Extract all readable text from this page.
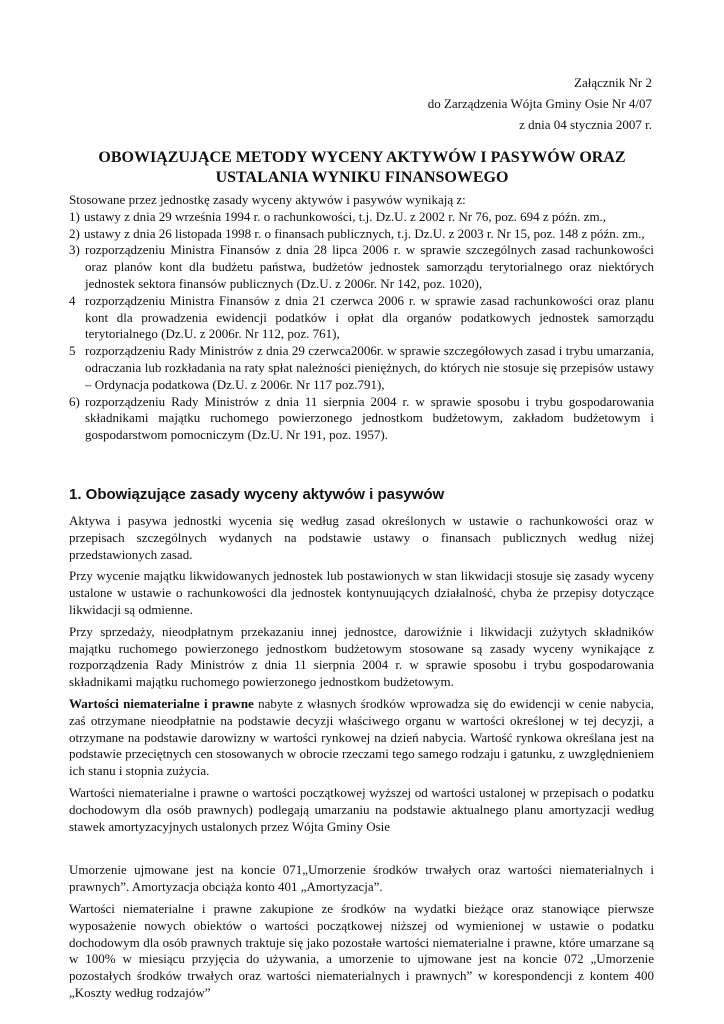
Załącznik Nr 2
do Zarządzenia Wójta Gminy Osie Nr 4/07
z dnia 04 stycznia 2007 r.
OBOWIĄZUJĄCE METODY WYCENY AKTYWÓW I PASYWÓW ORAZ
USTALANIA WYNIKU FINANSOWEGO
Stosowane przez jednostkę zasady wyceny aktywów i pasywów wynikają z:
1) ustawy z dnia 29 września 1994 r. o rachunkowości, t.j. Dz.U. z 2002 r. Nr 76, poz. 694 z późn. zm.,
2) ustawy z dnia 26 listopada 1998 r. o finansach publicznych, t.j. Dz.U. z 2003 r. Nr 15, poz. 148 z późn. zm.,
3) rozporządzeniu Ministra Finansów z dnia 28 lipca 2006 r. w sprawie szczególnych zasad rachunkowości oraz planów kont dla budżetu państwa, budżetów jednostek samorządu terytorialnego oraz niektórych jednostek sektora finansów publicznych (Dz.U. z 2006r. Nr 142, poz. 1020),
4 rozporządzeniu Ministra Finansów z dnia 21 czerwca 2006 r. w sprawie zasad rachunkowości oraz planu kont dla prowadzenia ewidencji podatków i opłat dla organów podatkowych jednostek samorządu terytorialnego (Dz.U. z 2006r. Nr 112, poz. 761),
5 rozporządzeniu Rady Ministrów z dnia 29 czerwca2006r. w sprawie szczegółowych zasad i trybu umarzania, odraczania lub rozkładania na raty spłat należności pieniężnych, do których nie stosuje się przepisów ustawy – Ordynacja podatkowa (Dz.U. z 2006r. Nr 117 poz.791),
6) rozporządzeniu Rady Ministrów z dnia 11 sierpnia 2004 r. w sprawie sposobu i trybu gospodarowania składnikami majątku ruchomego powierzonego jednostkom budżetowym, zakładom budżetowym i gospodarstwom pomocniczym (Dz.U. Nr 191, poz. 1957).
1. Obowiązujące zasady wyceny aktywów i pasywów

Aktywa i pasywa jednostki wycenia się według zasad określonych w ustawie o rachunkowości oraz w przepisach szczególnych wydanych na podstawie ustawy o finansach publicznych według niżej przedstawionych zasad.

Przy wycenie majątku likwidowanych jednostek lub postawionych w stan likwidacji stosuje się zasady wyceny ustalone w ustawie o rachunkowości dla jednostek kontynuujących działalność, chyba że przepisy dotyczące likwidacji są odmienne.

Przy sprzedaży, nieodpłatnym przekazaniu innej jednostce, darowiźnie i likwidacji zużytych składników majątku ruchomego powierzonego jednostkom budżetowym stosowane są zasady wyceny wynikające z rozporządzenia Rady Ministrów z dnia 11 sierpnia 2004 r. w sprawie sposobu i trybu gospodarowania składnikami majątku ruchomego powierzonego jednostkom budżetowym.

Wartości niematerialne i prawne nabyte z własnych środków wprowadza się do ewidencji w cenie nabycia, zaś otrzymane nieodpłatnie na podstawie decyzji właściwego organu w wartości określonej w tej decyzji, a otrzymane na podstawie darowizny w wartości rynkowej na dzień nabycia. Wartość rynkowa określana jest na podstawie przeciętnych cen stosowanych w obrocie rzeczami tego samego rodzaju i gatunku, z uwzględnieniem ich stanu i stopnia zużycia.

Wartości niematerialne i prawne o wartości początkowej wyższej od wartości ustalonej w przepisach o podatku dochodowym dla osób prawnych) podlegają umarzaniu na podstawie aktualnego planu amortyzacji według stawek amortyzacyjnych ustalonych przez Wójta Gminy Osie

Umorzenie ujmowane jest na koncie 071„Umorzenie środków trwałych oraz wartości niematerialnych i prawnych”. Amortyzacja obciąża konto 401 „Amortyzacja”.

Wartości niematerialne i prawne zakupione ze środków na wydatki bieżące oraz stanowiące pierwsze wyposażenie nowych obiektów o wartości początkowej niższej od wymienionej w ustawie o podatku dochodowym dla osób prawnych traktuje się jako pozostałe wartości niematerialne i prawne, które umarzane są w 100% w miesiącu przyjęcia do używania, a umorzenie to ujmowane jest na koncie 072 „Umorzenie pozostałych środków trwałych oraz wartości niematerialnych i prawnych” w korespondencji z kontem 400 „Koszty według rodzajów”
